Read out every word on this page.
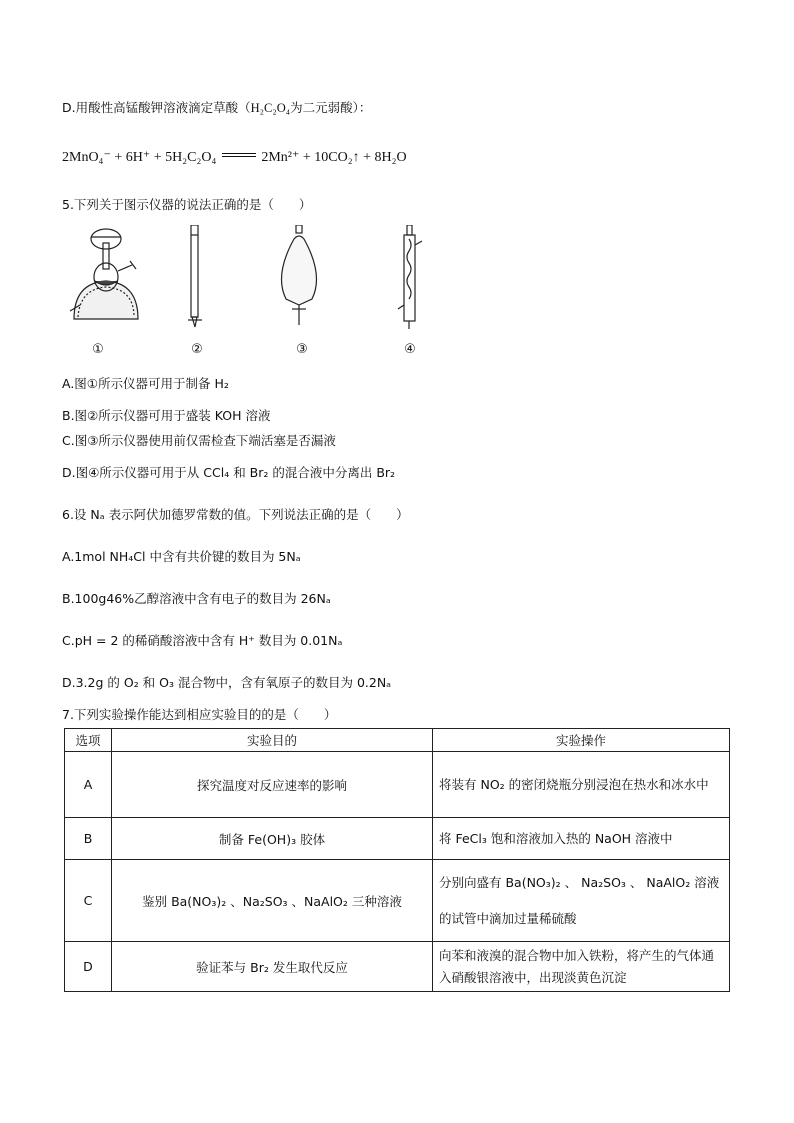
D.用酸性高锰酸钾溶液滴定草酸（H₂C₂O₄为二元弱酸）：
2MnO₄⁻ + 6H⁺ + 5H₂C₂O₄	2Mn²⁺ + 10CO₂↑ + 8H₂O
5.下列关于图示仪器的说法正确的是（　　）
①	②	③	④
A.图①所示仪器可用于制备 H₂
B.图②所示仪器可用于盛装 KOH 溶液
C.图③所示仪器使用前仅需检查下端活塞是否漏液
D.图④所示仪器可用于从 CCl₄ 和 Br₂ 的混合液中分离出 Br₂
6.设 Nₐ 表示阿伏加德罗常数的值。下列说法正确的是（　　）
A.1mol NH₄Cl 中含有共价键的数目为 5Nₐ
B.100g46%乙醇溶液中含有电子的数目为 26Nₐ
C.pH = 2 的稀硝酸溶液中含有 H⁺ 数目为 0.01Nₐ
D.3.2g 的 O₂ 和 O₃ 混合物中，含有氧原子的数目为 0.2Nₐ
7.下列实验操作能达到相应实验目的的是（　　）
选项	实验目的	实验操作
A	探究温度对反应速率的影响	将装有 NO₂ 的密闭烧瓶分别浸泡在热水和冰水中
B	制备 Fe(OH)₃ 胶体	将 FeCl₃ 饱和溶液加入热的 NaOH 溶液中
C	鉴别 Ba(NO₃)₂ 、Na₂SO₃ 、NaAlO₂ 三种溶液	分别向盛有 Ba(NO₃)₂ 、 Na₂SO₃ 、 NaAlO₂ 溶液的试管中滴加过量稀硫酸
D	验证苯与 Br₂ 发生取代反应	向苯和液溴的混合物中加入铁粉，将产生的气体通入硝酸银溶液中，出现淡黄色沉淀
